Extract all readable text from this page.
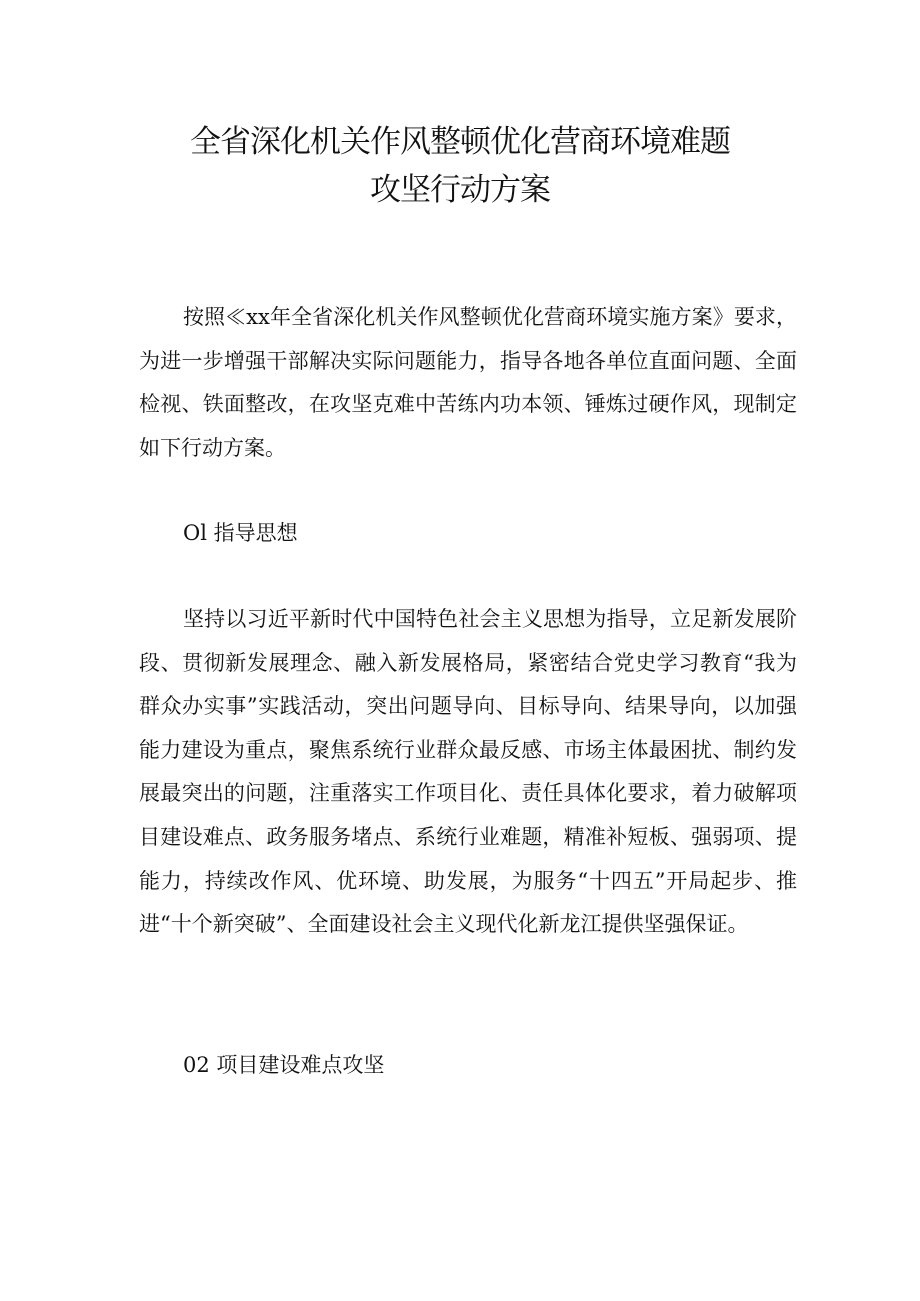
全省深化机关作风整顿优化营商环境难题
攻坚行动方案

按照≪xx年全省深化机关作风整顿优化营商环境实施方案》要求，为进一步增强干部解决实际问题能力，指导各地各单位直面问题、全面检视、铁面整改，在攻坚克难中苦练内功本领、锤炼过硬作风，现制定如下行动方案。

Ol 指导思想

坚持以习近平新时代中国特色社会主义思想为指导，立足新发展阶段、贯彻新发展理念、融入新发展格局，紧密结合党史学习教育“我为群众办实事”实践活动，突出问题导向、目标导向、结果导向，以加强能力建设为重点，聚焦系统行业群众最反感、市场主体最困扰、制约发展最突出的问题，注重落实工作项目化、责任具体化要求，着力破解项目建设难点、政务服务堵点、系统行业难题，精准补短板、强弱项、提能力，持续改作风、优环境、助发展，为服务“十四五”开局起步、推进“十个新突破”、全面建设社会主义现代化新龙江提供坚强保证。

02 项目建设难点攻坚
